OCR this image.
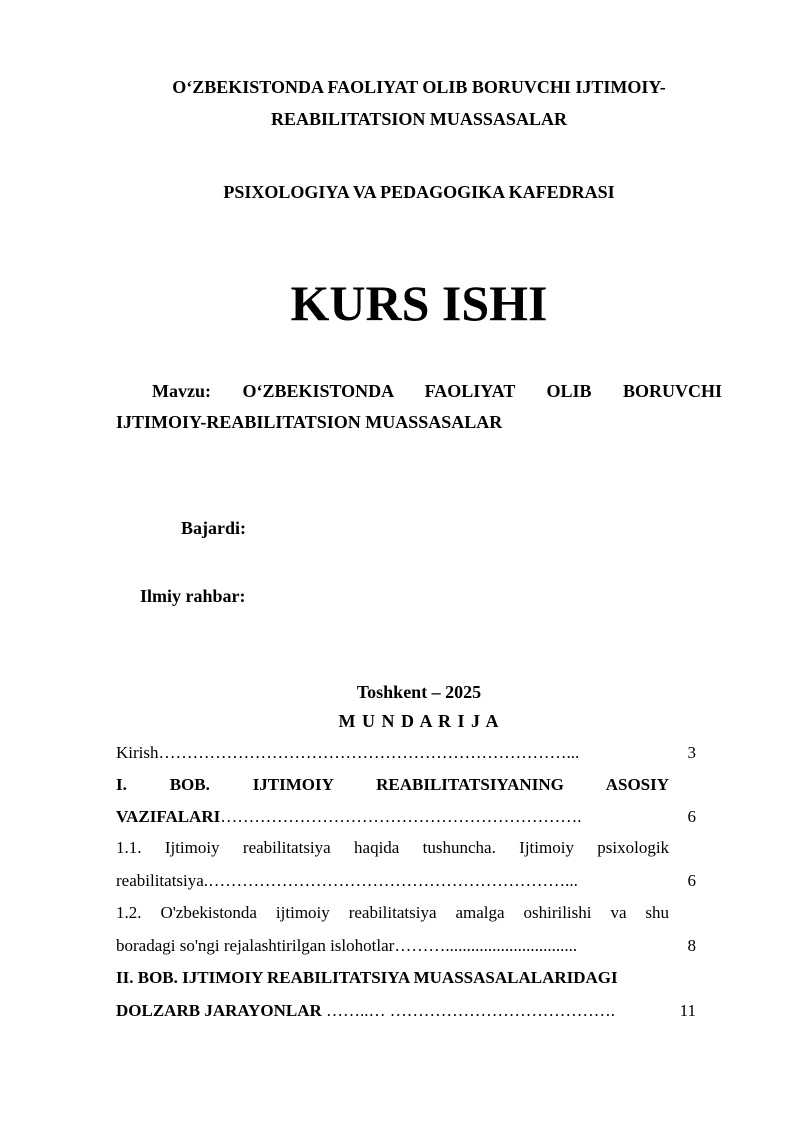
O‘ZBEKISTONDA FAOLIYAT OLIB BORUVCHI IJTIMOIY-
REABILITATSION MUASSASALAR
PSIXOLOGIYA VA PEDAGOGIKA KAFEDRASI
KURS ISHI
Mavzu: O‘ZBEKISTONDA FAOLIYAT OLIB BORUVCHI
IJTIMOIY-REABILITATSION MUASSASALAR
Bajardi:
Ilmiy rahbar:
Toshkent – 2025
M U N D A R I J A
Kirish………………………………………………………………...	3
I.	BOB.	IJTIMOIY	REABILITATSIYANING ASOSIY
VAZIFALARI……………………………………………………….	6
1.1. Ijtimoiy reabilitatsiya haqida tushuncha. Ijtimoiy psixologik
reabilitatsiya.………………………………………………………...	6
1.2. O'zbekistonda ijtimoiy reabilitatsiya amalga oshirilishi va shu
boradagi so'ngi rejalashtirilgan islohotlar………...............................	8
II. BOB. IJTIMOIY REABILITATSIYA MUASSASALALARIDAGI
DOLZARB JARAYONLAR ……..… ………………………………….	11
